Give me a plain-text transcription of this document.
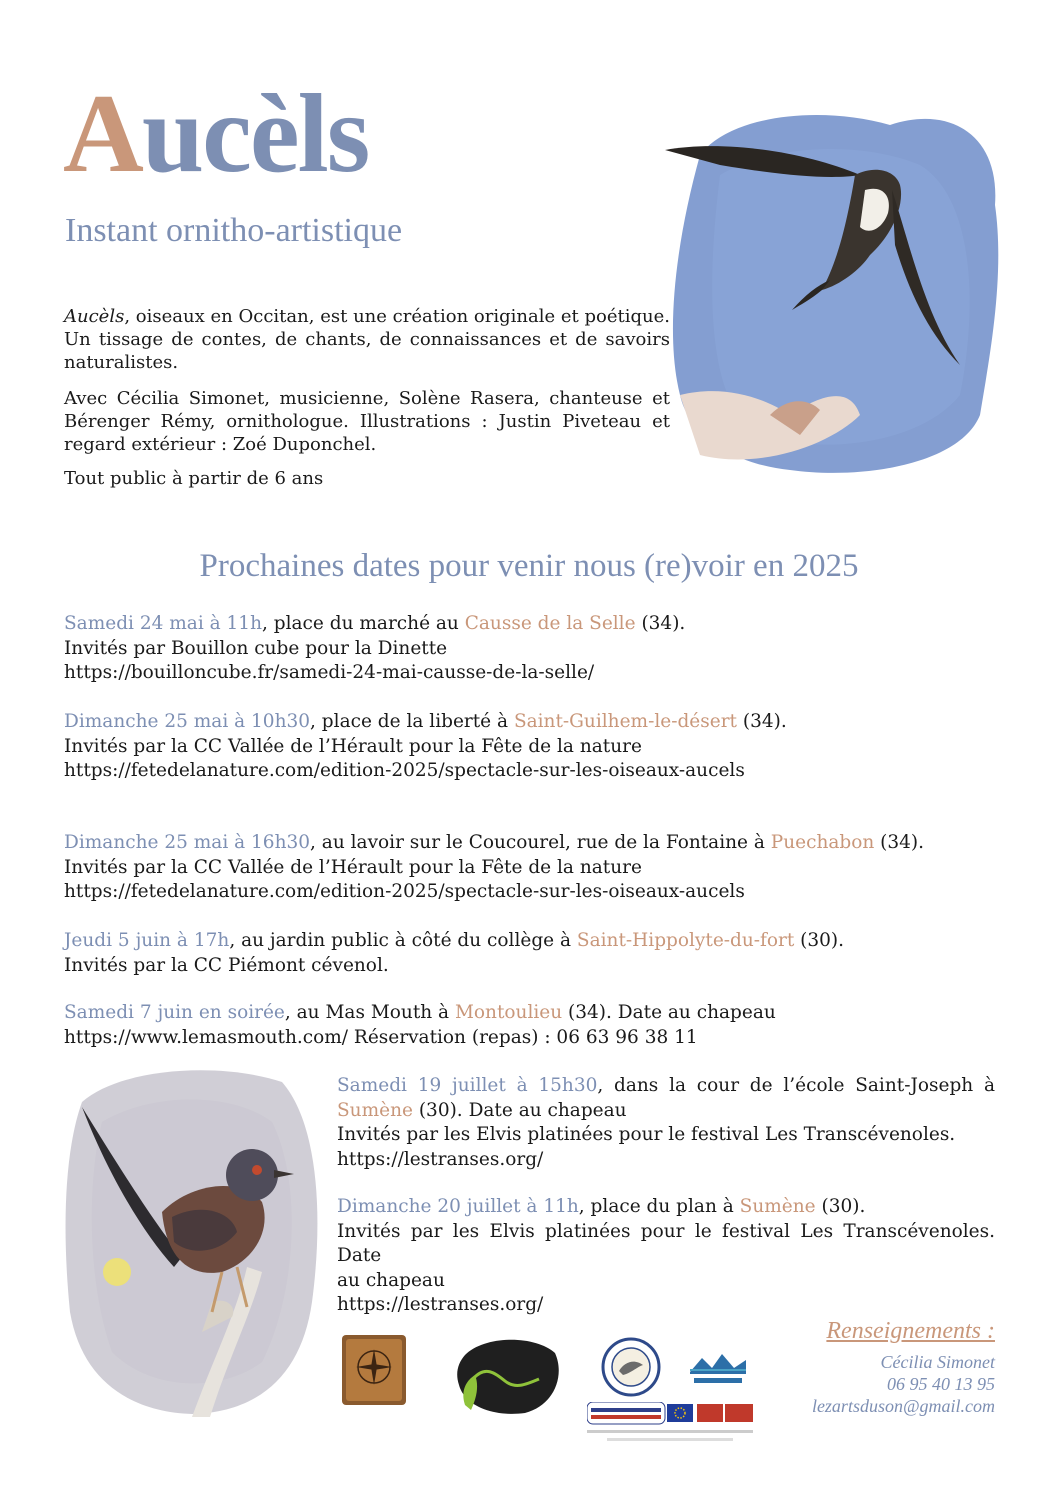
Aucèls
Instant ornitho-artistique

Aucèls, oiseaux en Occitan, est une création originale et poétique. Un tissage de contes, de chants, de connaissances et de savoirs naturalistes.

Avec Cécilia Simonet, musicienne, Solène Rasera, chanteuse et Bérenger Rémy, ornithologue. Illustrations : Justin Piveteau et regard extérieur : Zoé Duponchel.

Tout public à partir de 6 ans

Prochaines dates pour venir nous (re)voir en 2025
Samedi 24 mai à 11h, place du marché au Causse de la Selle (34).
Invités par Bouillon cube pour la Dinette
https://bouilloncube.fr/samedi-24-mai-causse-de-la-selle/
Dimanche 25 mai à 10h30, place de la liberté à Saint-Guilhem-le-désert (34).
Invités par la CC Vallée de l’Hérault pour la Fête de la nature
https://fetedelanature.com/edition-2025/spectacle-sur-les-oiseaux-aucels
Dimanche 25 mai à 16h30, au lavoir sur le Coucourel, rue de la Fontaine à Puechabon (34).
Invités par la CC Vallée de l’Hérault pour la Fête de la nature
https://fetedelanature.com/edition-2025/spectacle-sur-les-oiseaux-aucels
Jeudi 5 juin à 17h, au jardin public à côté du collège à Saint-Hippolyte-du-fort (30).
Invités par la CC Piémont cévenol.
Samedi 7 juin en soirée, au Mas Mouth à Montoulieu (34). Date au chapeau
https://www.lemasmouth.com/ Réservation (repas) : 06 63 96 38 11
Samedi 19 juillet à 15h30, dans la cour de l’école Saint-Joseph à
Sumène (30). Date au chapeau
Invités par les Elvis platinées pour le festival Les Transcévenoles.
https://lestranses.org/
Dimanche 20 juillet à 11h, place du plan à Sumène (30).
Invités par les Elvis platinées pour le festival Les Transcévenoles. Date
au chapeau
https://lestranses.org/
Renseignements :
Cécilia Simonet
06 95 40 13 95
lezartsduson@gmail.com
